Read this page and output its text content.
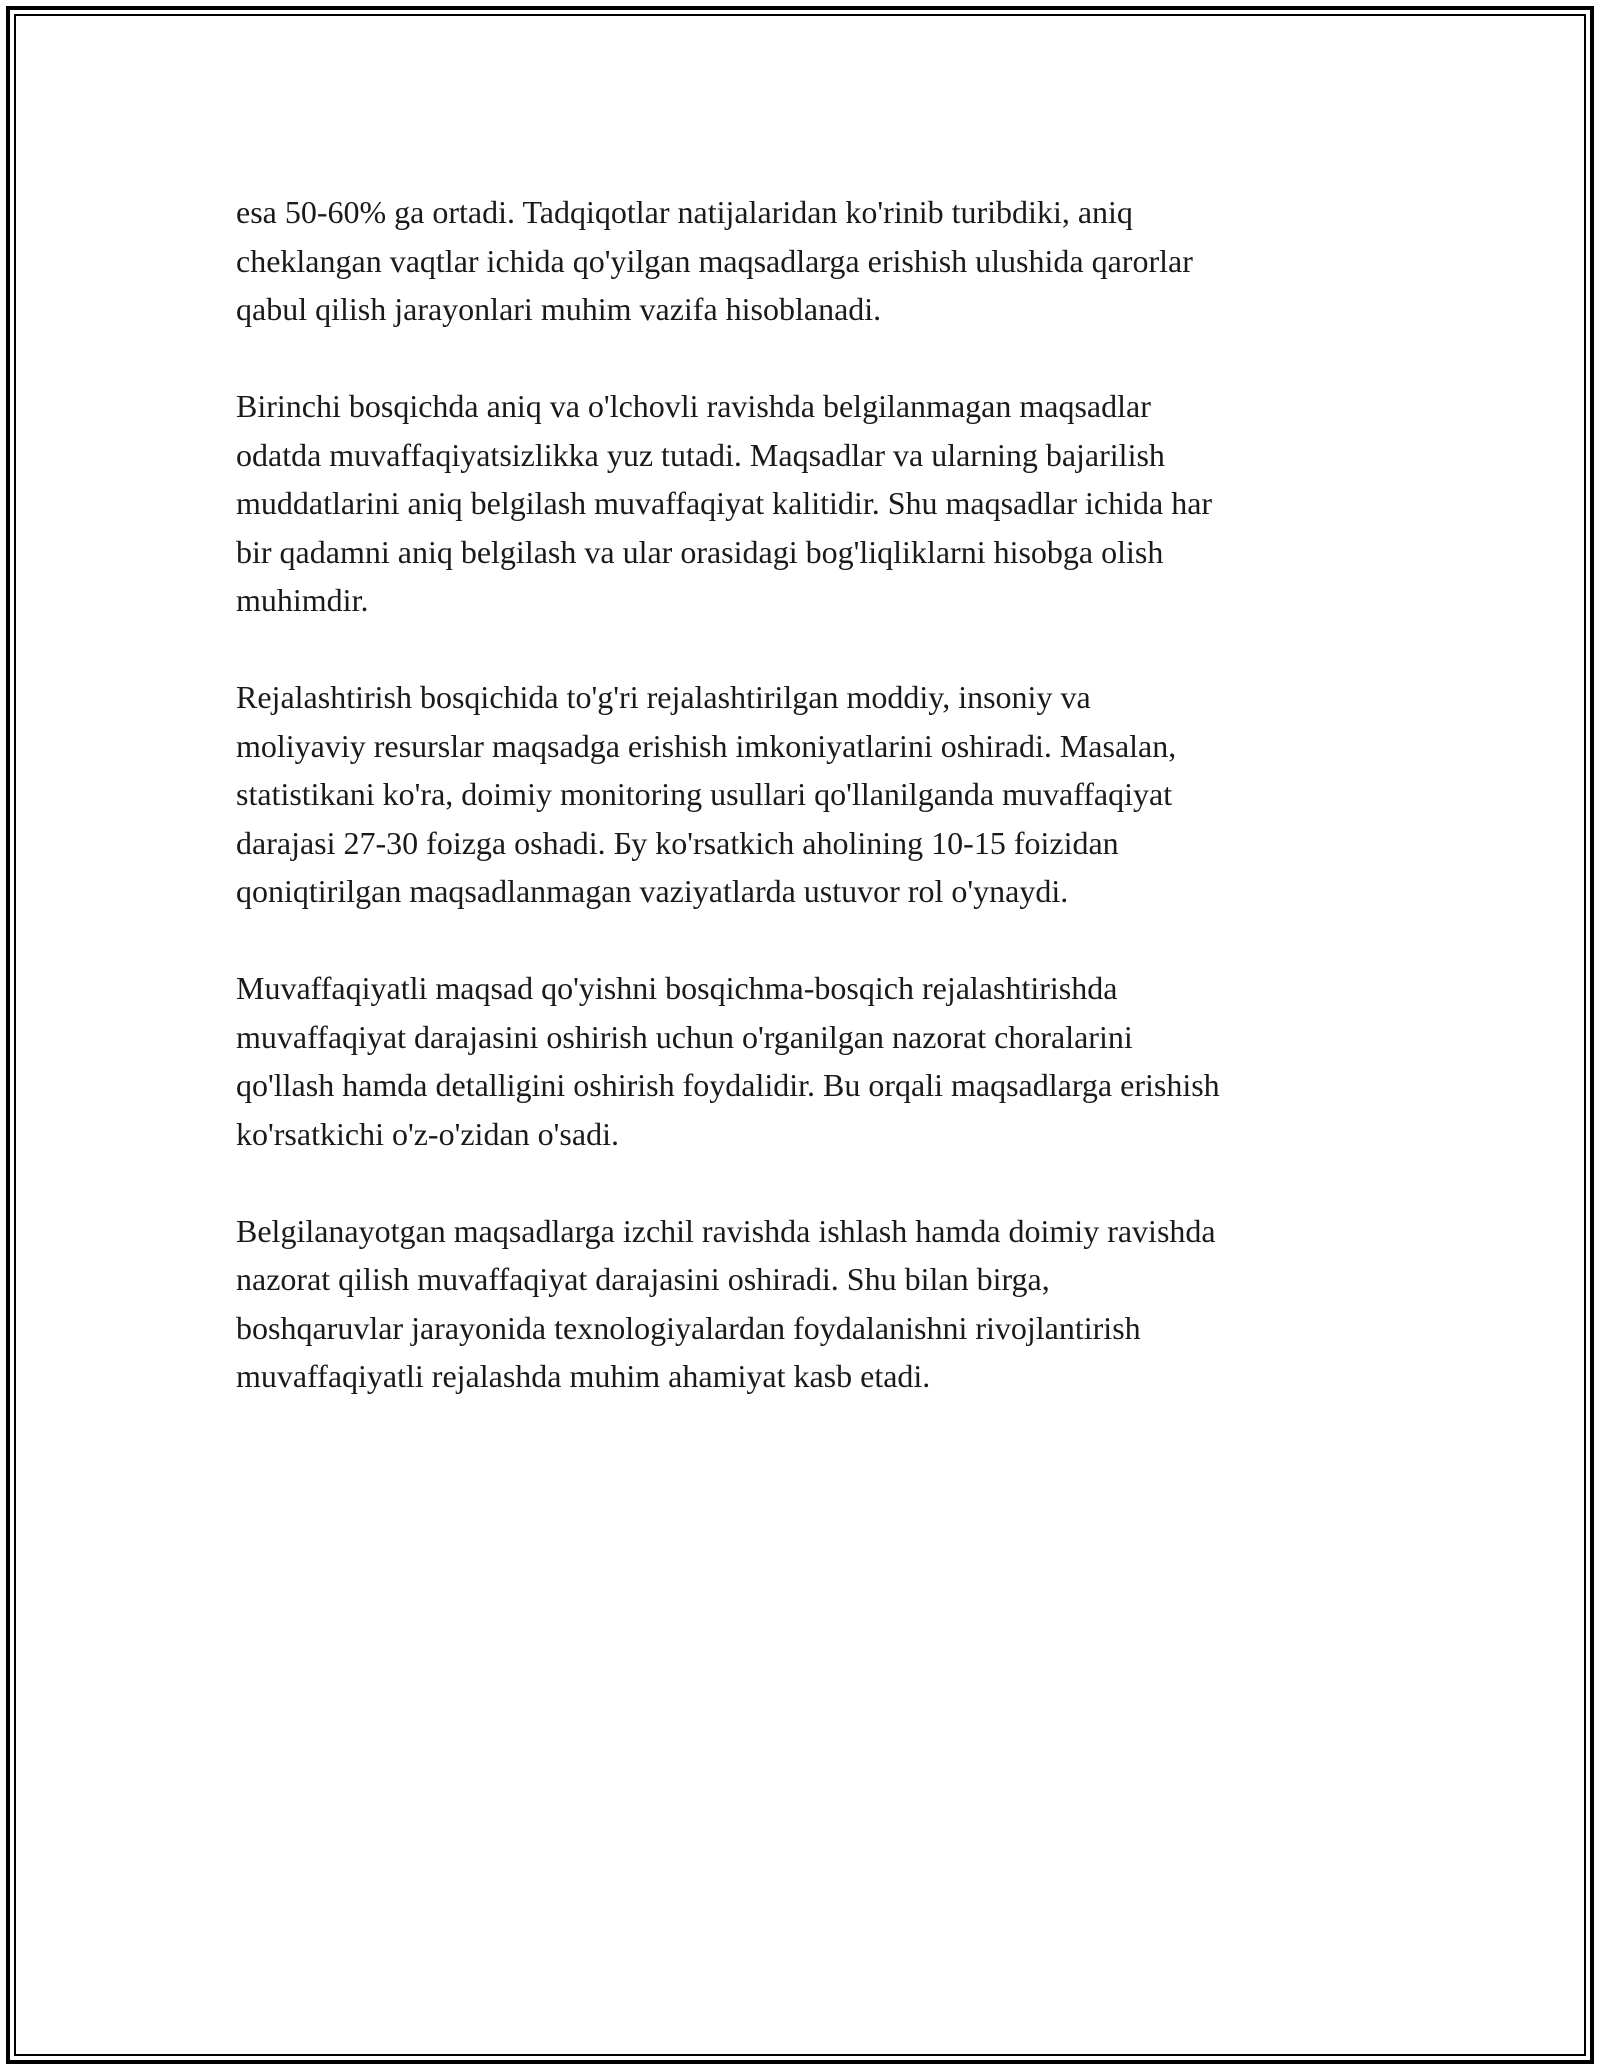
esa 50-60% ga ortadi. Tadqiqotlar natijalaridan ko'rinib turibdiki, aniq
cheklangan vaqtlar ichida qo'yilgan maqsadlarga erishish ulushida qarorlar
qabul qilish jarayonlari muhim vazifa hisoblanadi.

Birinchi bosqichda aniq va o'lchovli ravishda belgilanmagan maqsadlar
odatda muvaffaqiyatsizlikka yuz tutadi. Maqsadlar va ularning bajarilish
muddatlarini aniq belgilash muvaffaqiyat kalitidir. Shu maqsadlar ichida har
bir qadamni aniq belgilash va ular orasidagi bog'liqliklarni hisobga olish
muhimdir.

Rejalashtirish bosqichida to'g'ri rejalashtirilgan moddiy, insoniy va
moliyaviy resurslar maqsadga erishish imkoniyatlarini oshiradi. Masalan,
statistikani ko'ra, doimiy monitoring usullari qo'llanilganda muvaffaqiyat
darajasi 27-30 foizga oshadi. Бу ko'rsatkich aholining 10-15 foizidan
qoniqtirilgan maqsadlanmagan vaziyatlarda ustuvor rol o'ynaydi.

Muvaffaqiyatli maqsad qo'yishni bosqichma-bosqich rejalashtirishda
muvaffaqiyat darajasini oshirish uchun o'rganilgan nazorat choralarini
qo'llash hamda detalligini oshirish foydalidir. Bu orqali maqsadlarga erishish
ko'rsatkichi o'z-o'zidan o'sadi.

Belgilanayotgan maqsadlarga izchil ravishda ishlash hamda doimiy ravishda
nazorat qilish muvaffaqiyat darajasini oshiradi. Shu bilan birga,
boshqaruvlar jarayonida texnologiyalardan foydalanishni rivojlantirish
muvaffaqiyatli rejalashda muhim ahamiyat kasb etadi.
